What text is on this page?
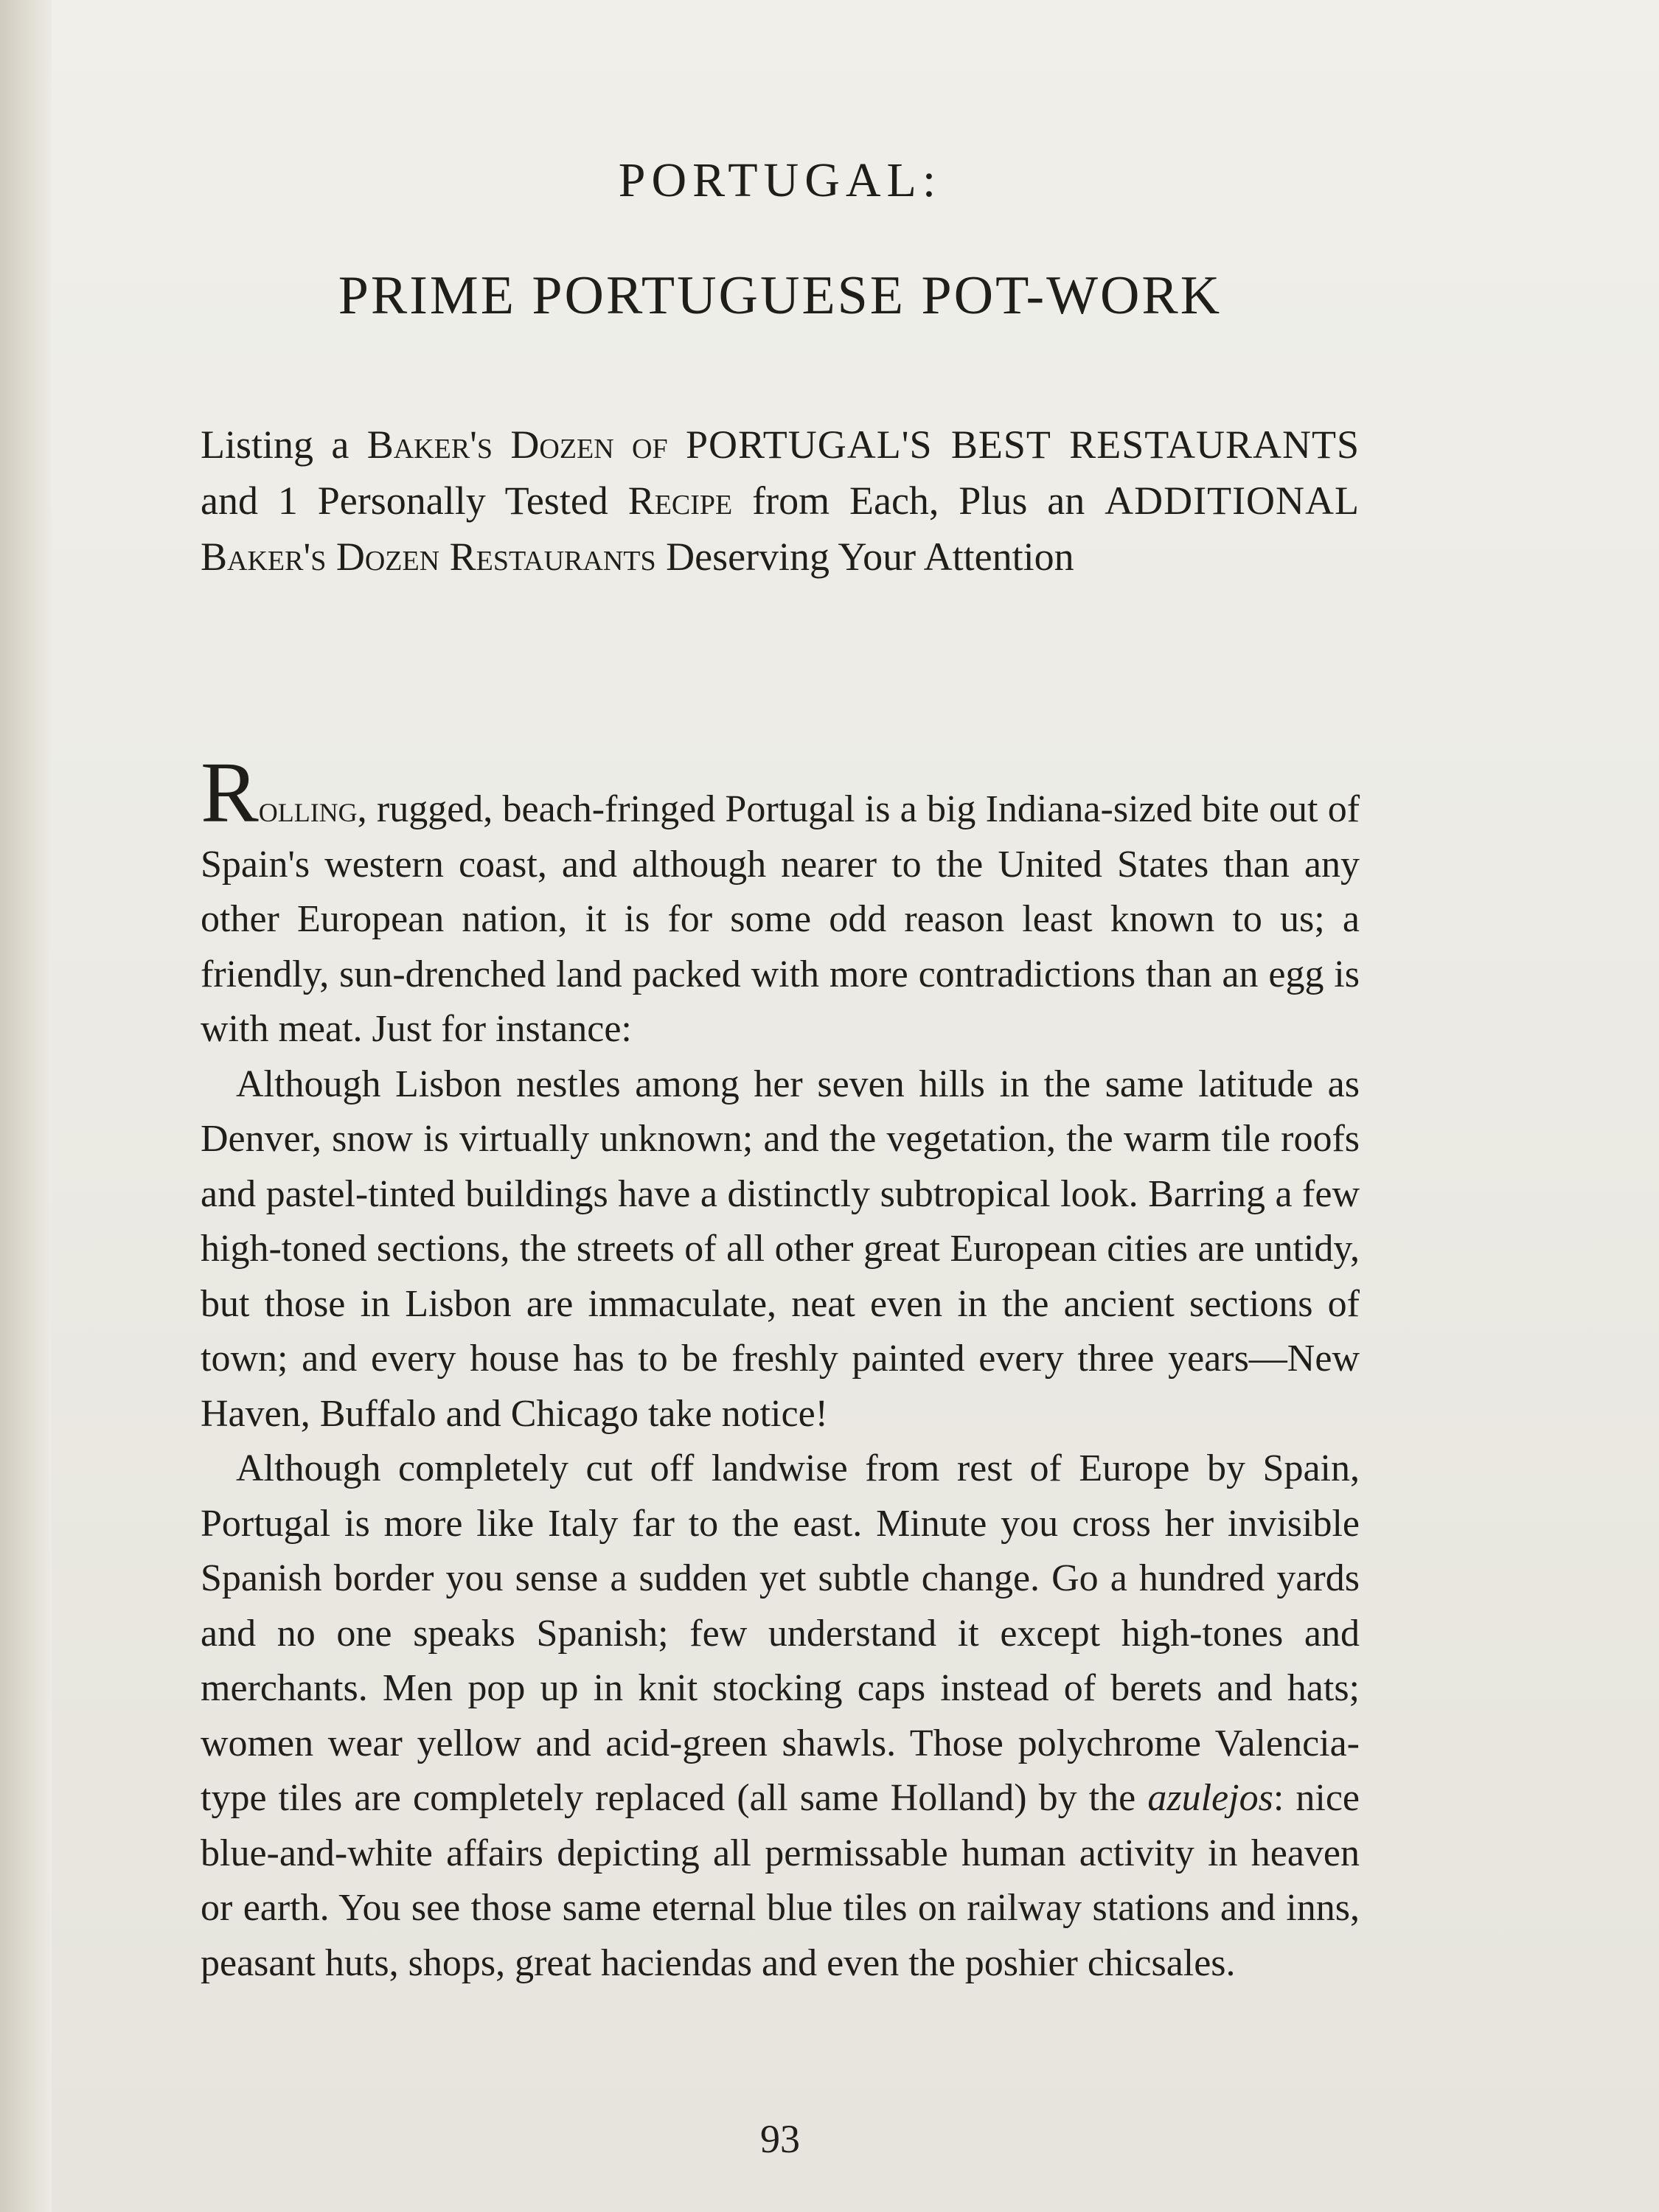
PORTUGAL:
PRIME PORTUGUESE POT-WORK
Listing a Baker's Dozen of PORTUGAL'S BEST RESTAURANTS and 1 Personally Tested Recipe from Each, Plus an ADDITIONAL Baker's Dozen Restaurants Deserving Your Attention

Rolling, rugged, beach-fringed Portugal is a big Indiana-sized bite out of Spain's western coast, and although nearer to the United States than any other European nation, it is for some odd reason least known to us; a friendly, sun-drenched land packed with more contradictions than an egg is with meat. Just for instance:

Although Lisbon nestles among her seven hills in the same latitude as Denver, snow is virtually unknown; and the vegetation, the warm tile roofs and pastel-tinted buildings have a distinctly subtropical look. Barring a few high-toned sections, the streets of all other great European cities are untidy, but those in Lisbon are immaculate, neat even in the ancient sections of town; and every house has to be freshly painted every three years—New Haven, Buffalo and Chicago take notice!

Although completely cut off landwise from rest of Europe by Spain, Portugal is more like Italy far to the east. Minute you cross her invisible Spanish border you sense a sudden yet subtle change. Go a hundred yards and no one speaks Spanish; few understand it except high-tones and merchants. Men pop up in knit stocking caps instead of berets and hats; women wear yellow and acid-green shawls. Those polychrome Valencia-type tiles are completely replaced (all same Holland) by the azulejos: nice blue-and-white affairs depicting all permissable human activity in heaven or earth. You see those same eternal blue tiles on railway stations and inns, peasant huts, shops, great haciendas and even the poshier chicsales.

93
